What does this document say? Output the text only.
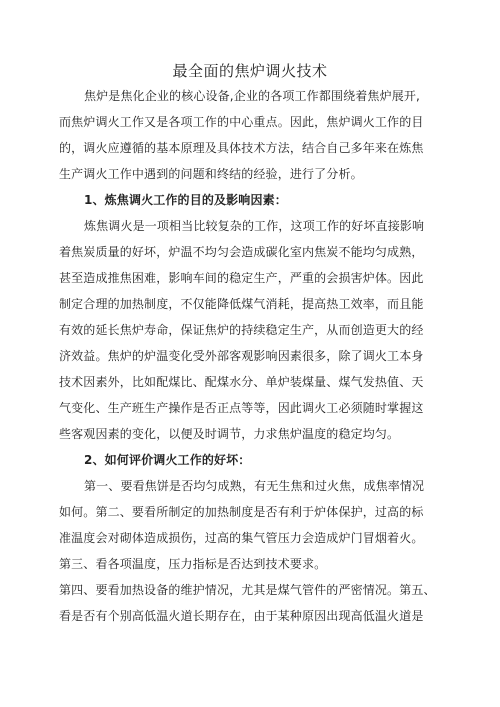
最全面的焦炉调火技术
焦炉是焦化企业的核心设备,企业的各项工作都围绕着焦炉展开,
而焦炉调火工作又是各项工作的中心重点。因此，焦炉调火工作的目
的，调火应遵循的基本原理及具体技术方法，结合自己多年来在炼焦
生产调火工作中遇到的问题和终结的经验，进行了分析。
1、炼焦调火工作的目的及影响因素：
炼焦调火是一项相当比较复杂的工作，这项工作的好坏直接影响
着焦炭质量的好坏，炉温不均匀会造成碳化室内焦炭不能均匀成熟，
甚至造成推焦困难，影响车间的稳定生产，严重的会损害炉体。因此
制定合理的加热制度，不仅能降低煤气消耗，提高热工效率，而且能
有效的延长焦炉寿命，保证焦炉的持续稳定生产，从而创造更大的经
济效益。焦炉的炉温变化受外部客观影响因素很多，除了调火工本身
技术因素外，比如配煤比、配煤水分、单炉装煤量、煤气发热值、天
气变化、生产班生产操作是否正点等等，因此调火工必须随时掌握这
些客观因素的变化，以便及时调节，力求焦炉温度的稳定均匀。
2、如何评价调火工作的好坏：
第一、要看焦饼是否均匀成熟，有无生焦和过火焦，成焦率情况
如何。第二、要看所制定的加热制度是否有利于炉体保护，过高的标
准温度会对砌体造成损伤，过高的集气管压力会造成炉门冒烟着火。
第三、看各项温度，压力指标是否达到技术要求。
第四、要看加热设备的维护情况，尤其是煤气管件的严密情况。第五、
看是否有个别高低温火道长期存在，由于某种原因出现高低温火道是
